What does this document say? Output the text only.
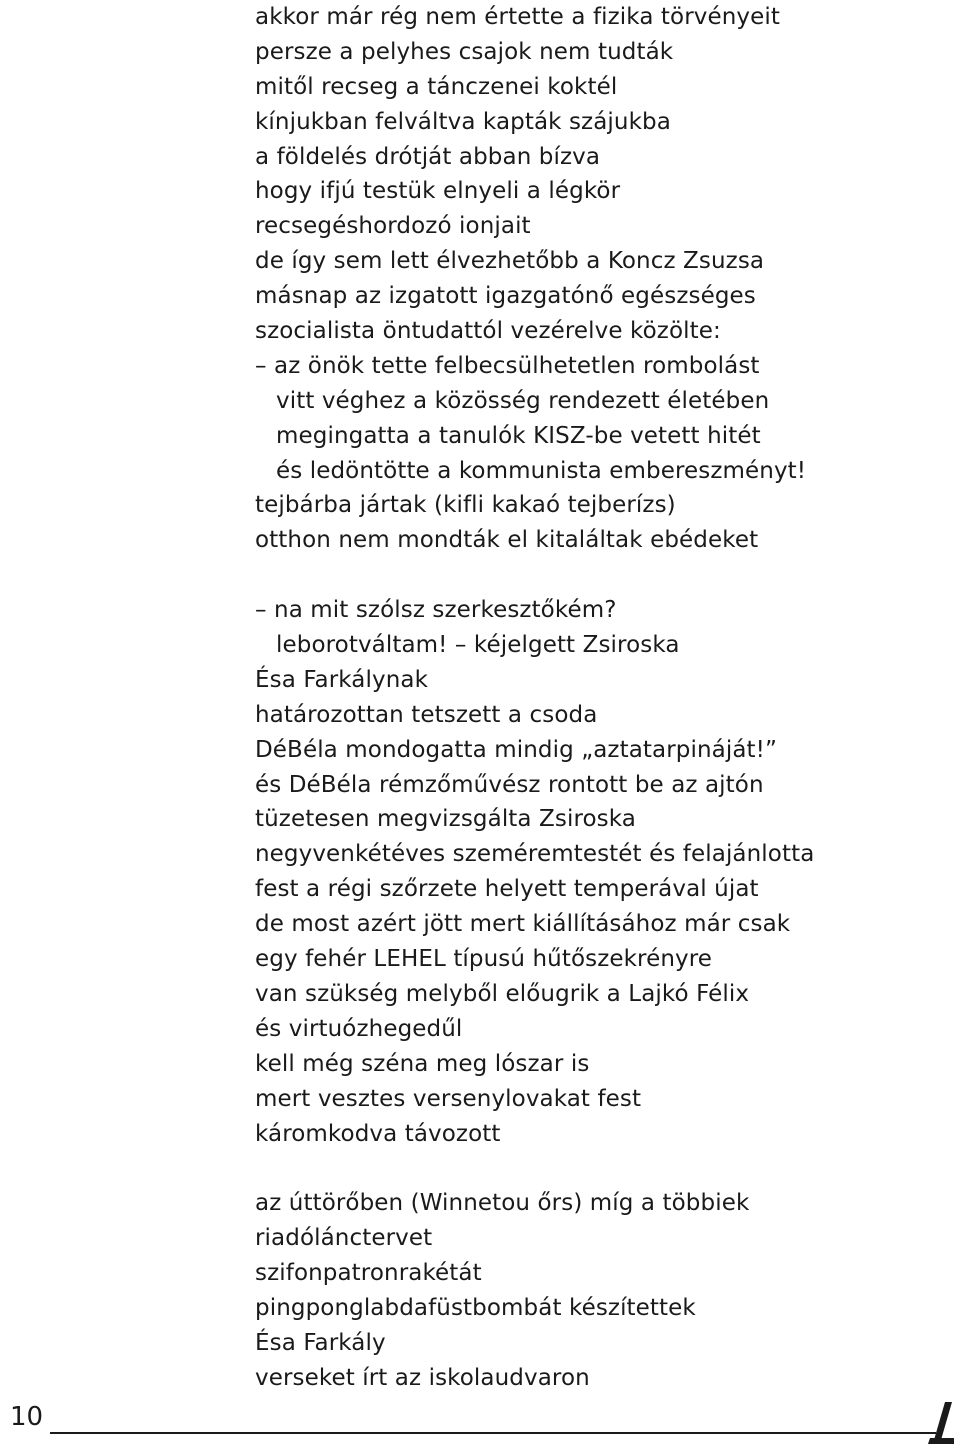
akkor már rég nem értette a fizika törvényeit
persze a pelyhes csajok nem tudták
mitől recseg a tánczenei koktél
kínjukban felváltva kapták szájukba
a földelés drótját abban bízva
hogy ifjú testük elnyeli a légkör
recsegéshordozó ionjait
de így sem lett élvezhetőbb a Koncz Zsuzsa
másnap az izgatott igazgatónő egészséges
szocialista öntudattól vezérelve közölte:
– az önök tette felbecsülhetetlen rombolást
vitt véghez a közösség rendezett életében
megingatta a tanulók KISZ-be vetett hitét
és ledöntötte a kommunista embereszményt!
tejbárba jártak (kifli kakaó tejberízs)
otthon nem mondták el kitaláltak ebédeket
– na mit szólsz szerkesztőkém?
leborotváltam! – kéjelgett Zsiroska
Ésa Farkálynak
határozottan tetszett a csoda
DéBéla mondogatta mindig „aztatarpináját!”
és DéBéla rémzőművész rontott be az ajtón
tüzetesen megvizsgálta Zsiroska
negyvenkétéves szeméremtestét és felajánlotta
fest a régi szőrzete helyett temperával újat
de most azért jött mert kiállításához már csak
egy fehér LEHEL típusú hűtőszekrényre
van szükség melyből előugrik a Lajkó Félix
és virtuózhegedűl
kell még széna meg lószar is
mert vesztes versenylovakat fest
káromkodva távozott
az úttörőben (Winnetou őrs) míg a többiek
riadólánctervet
szifonpatronrakétát
pingponglabdafüstbombát készítettek
Ésa Farkály
verseket írt az iskolaudvaron
10
